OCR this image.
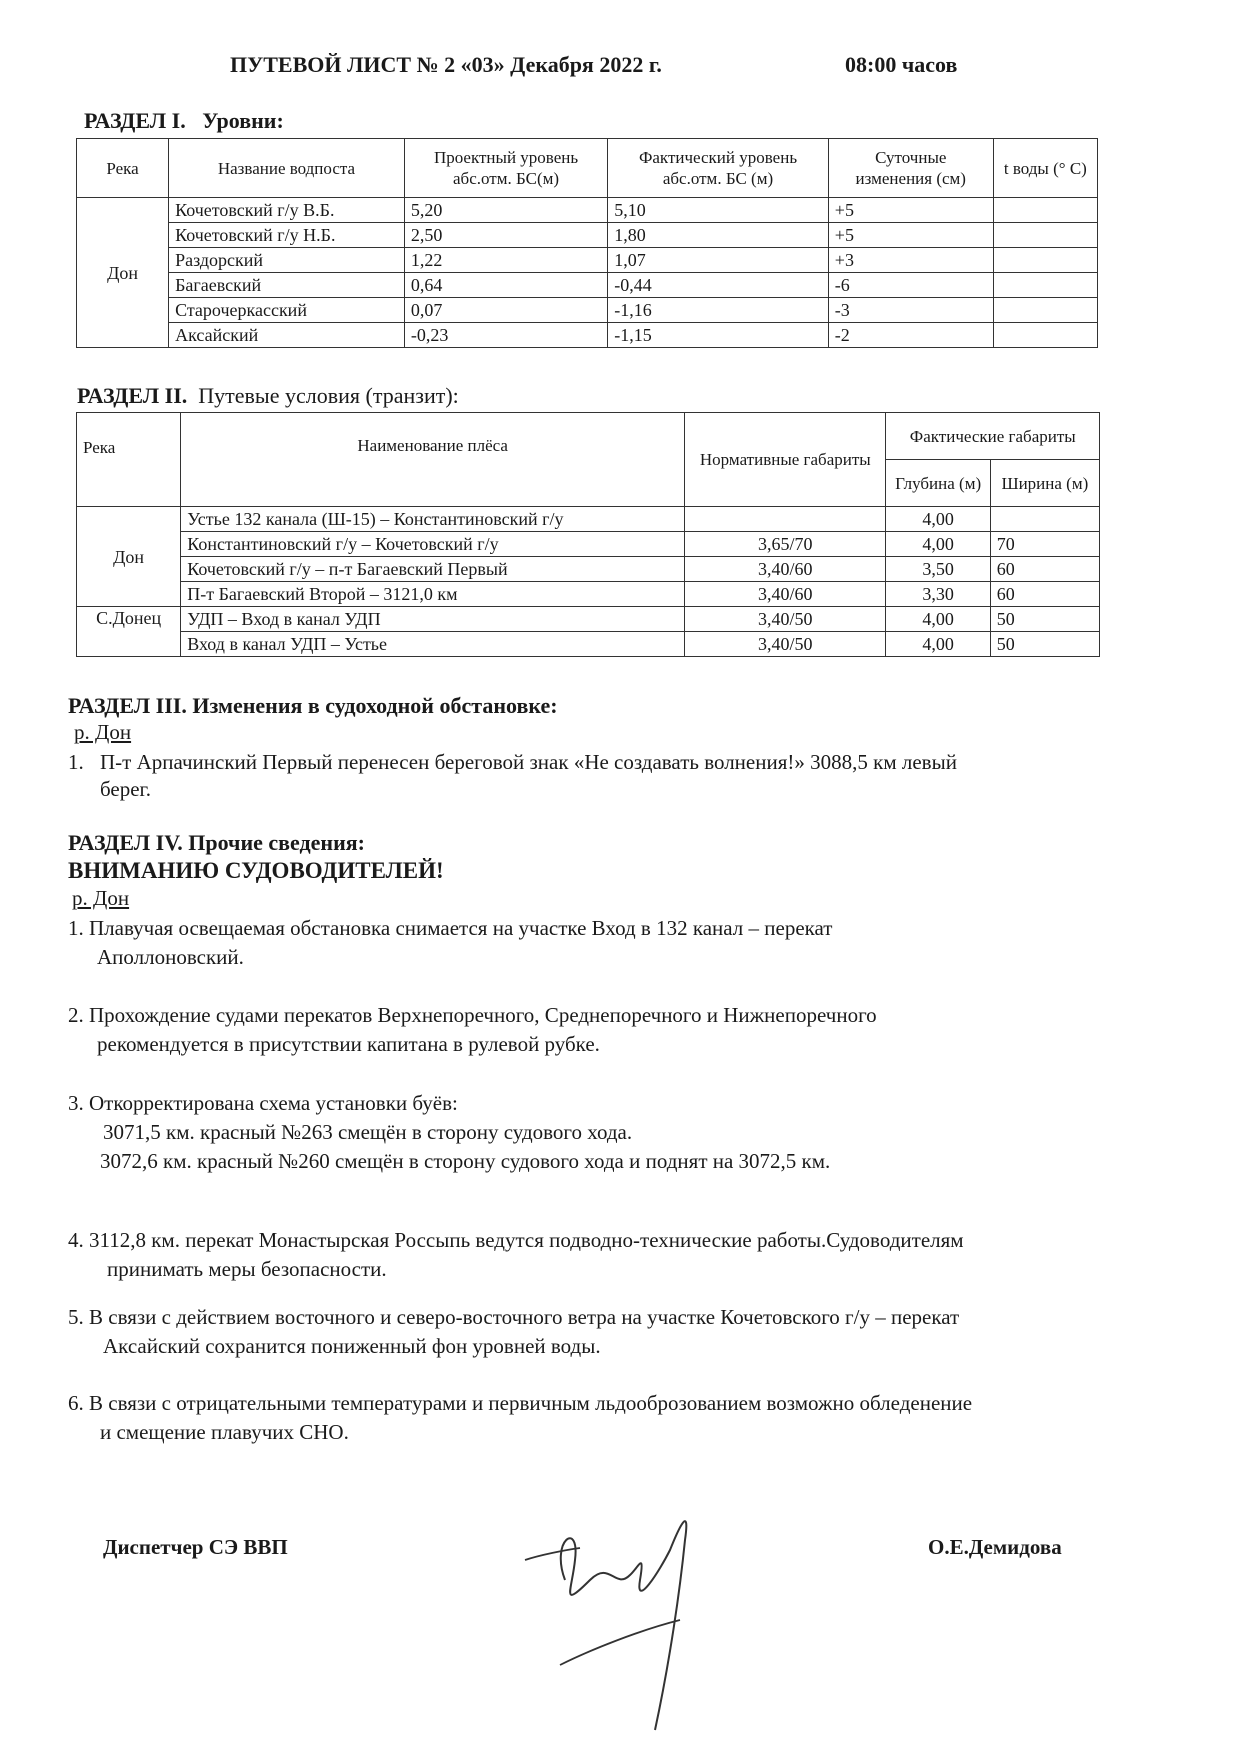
ПУТЕВОЙ ЛИСТ № 2 «03» Декабря 2022 г.	08:00 часов
РАЗДЕЛ I. Уровни:
Река	Название водпоста	Проектный уровень абс.отм. БС(м)	Фактический уровень абс.отм. БС (м)	Суточные изменения (см)	t воды (° С)
Дон	Кочетовский г/у В.Б.	5,20	5,10	+5	
	Кочетовский г/у Н.Б.	2,50	1,80	+5	
	Раздорский	1,22	1,07	+3	
	Багаевский	0,64	-0,44	-6	
	Старочеркасский	0,07	-1,16	-3	
	Аксайский	-0,23	-1,15	-2	
РАЗДЕЛ II. Путевые условия (транзит):
Река	Наименование плёса	Нормативные габариты	Фактические габариты	
			Глубина (м)	Ширина (м)
Дон	Устье 132 канала (Ш-15) – Константиновский г/у		4,00	
	Константиновский г/у – Кочетовский г/у	3,65/70	4,00	70
	Кочетовский г/у – п-т Багаевский Первый	3,40/60	3,50	60
	П-т Багаевский Второй – 3121,0 км	3,40/60	3,30	60
С.Донец	УДП – Вход в канал УДП	3,40/50	4,00	50
	Вход в канал УДП – Устье	3,40/50	4,00	50
РАЗДЕЛ III. Изменения в судоходной обстановке:
р. Дон
1. П-т Арпачинский Первый перенесен береговой знак «Не создавать волнения!» 3088,5 км левый
берег.
РАЗДЕЛ IV. Прочие сведения:
ВНИМАНИЮ СУДОВОДИТЕЛЕЙ!
р. Дон
1. Плавучая освещаемая обстановка снимается на участке Вход в 132 канал – перекат
Аполлоновский.
2. Прохождение судами перекатов Верхнепоречного, Среднепоречного и Нижнепоречного
рекомендуется в присутствии капитана в рулевой рубке.
3. Откорректирована схема установки буёв:
3071,5 км. красный №263 смещён в сторону судового хода.
3072,6 км. красный №260 смещён в сторону судового хода и поднят на 3072,5 км.
4. 3112,8 км. перекат Монастырская Россыпь ведутся подводно-технические работы.Судоводителям
принимать меры безопасности.
5. В связи с действием восточного и северо-восточного ветра на участке Кочетовского г/у – перекат
Аксайский сохранится пониженный фон уровней воды.
6. В связи с отрицательными температурами и первичным льдооброзованием возможно обледенение
и смещение плавучих СНО.
Диспетчер СЭ ВВП	О.Е.Демидова
